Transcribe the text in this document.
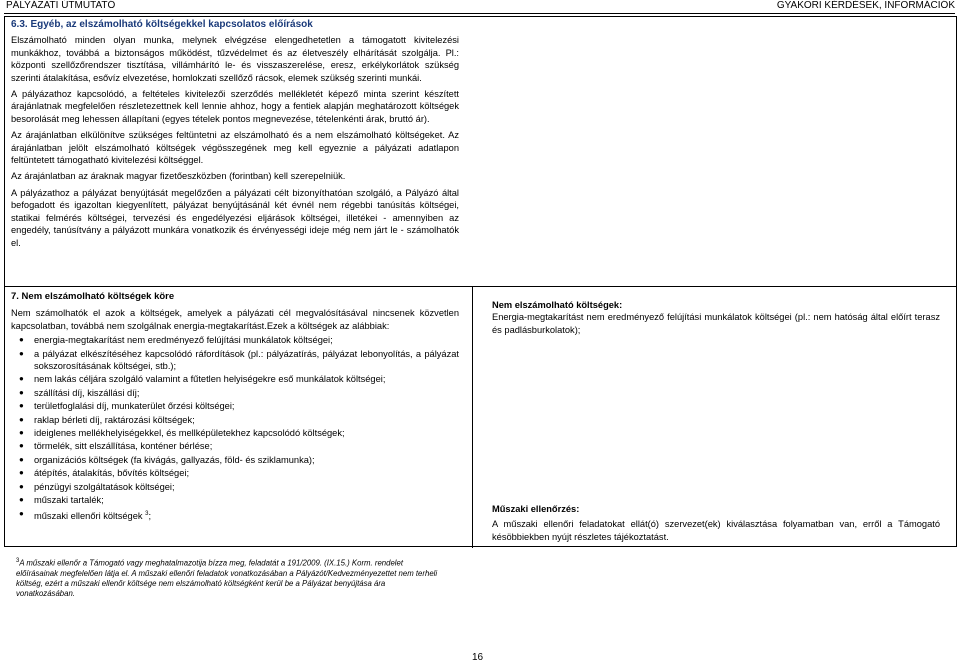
PÁLYÁZATI ÚTMUTATÓ	GYAKORI KÉRDÉSEK, INFORMÁCIÓK

6.3. Egyéb, az elszámolható költségekkel kapcsolatos előírások

Elszámolható minden olyan munka, melynek elvégzése elengedhetetlen a támogatott kivitelezési munkákhoz, továbbá a biztonságos működést, tűzvédelmet és az életveszély elhárítását szolgálja. Pl.: központi szellőzőrendszer tisztítása, villámhárító le- és visszaszerelése, eresz, erkélykorlátok szükség szerinti átalakítása, esővíz elvezetése, homlokzati szellőző rácsok, elemek szükség szerinti munkái.

A pályázathoz kapcsolódó, a feltételes kivitelezői szerződés mellékletét képező minta szerint készített árajánlatnak megfelelően részletezettnek kell lennie ahhoz, hogy a fentiek alapján meghatározott költségek besorolását meg lehessen állapítani (egyes tételek pontos megnevezése, tételenkénti árak, bruttó ár).

Az árajánlatban elkülönítve szükséges feltüntetni az elszámolható és a nem elszámolható költségeket. Az árajánlatban jelölt elszámolható költségek végösszegének meg kell egyeznie a pályázati adatlapon feltüntetett támogatható kivitelezési költséggel.

Az árajánlatban az áraknak magyar fizetőeszközben (forintban) kell szerepelniük.

A pályázathoz a pályázat benyújtását megelőzően a pályázati célt bizonyíthatóan szolgáló, a Pályázó által befogadott és igazoltan kiegyenlített, pályázat benyújtásánál két évnél nem régebbi tanúsítás költségei, statikai felmérés költségei, tervezési és engedélyezési eljárások költségei, illetékei - amennyiben az engedély, tanúsítvány a pályázott munkára vonatkozik és érvényességi ideje még nem járt le - számolhatók el.

7. Nem elszámolható költségek köre

Nem számolhatók el azok a költségek, amelyek a pályázati cél megvalósításával nincsenek közvetlen kapcsolatban, továbbá nem szolgálnak energia-megtakarítást.Ezek a költségek az alábbiak:

● energia-megtakarítást nem eredményező felújítási munkálatok költségei;
● a pályázat elkészítéséhez kapcsolódó ráfordítások (pl.: pályázatírás, pályázat lebonyolítás, a pályázat sokszorosításának költségei, stb.);
● nem lakás céljára szolgáló valamint a fűtetlen helyiségekre eső munkálatok költségei;
● szállítási díj, kiszállási díj;
● területfoglalási díj, munkaterület őrzési költségei;
● raklap bérleti díj, raktározási költségek;
● ideiglenes mellékhelyiségekkel, és mellképületekhez kapcsolódó költségek;
● törmelék, sitt elszállítása, konténer bérlése;
● organizációs költségek (fa kivágás, gallyazás, föld- és sziklamunka);
● átépítés, átalakítás, bővítés költségei;
● pénzügyi szolgáltatások költségei;
● műszaki tartalék;
● műszaki ellenőri költségek $^3$;

Nem elszámolható költségek:

Energia-megtakarítást nem eredményező felújítási munkálatok költségei (pl.: nem hatóság által előírt terasz és padlásburkolatok);

Műszaki ellenőrzés:

A műszaki ellenőri feladatokat ellát(ó) szervezet(ek) kiválasztása folyamatban van, erről a Támogató késöbbiekben nyújt részletes tájékoztatást.

$^3$A műszaki ellenőr a Támogató vagy meghatalmazotija bízza meg, feladatát a 191/2009. (IX.15.) Korm. rendelet előírásainak megfelelően látja el. A műszaki ellenőri feladatok vonatkozásában a Pályázót/Kedvezményezettet nem terheli költség, ezért a műszaki ellenőr költsége nem elszámolható költségként kerül be a Pályázat benyújtása ára vonatkozásában.
16
